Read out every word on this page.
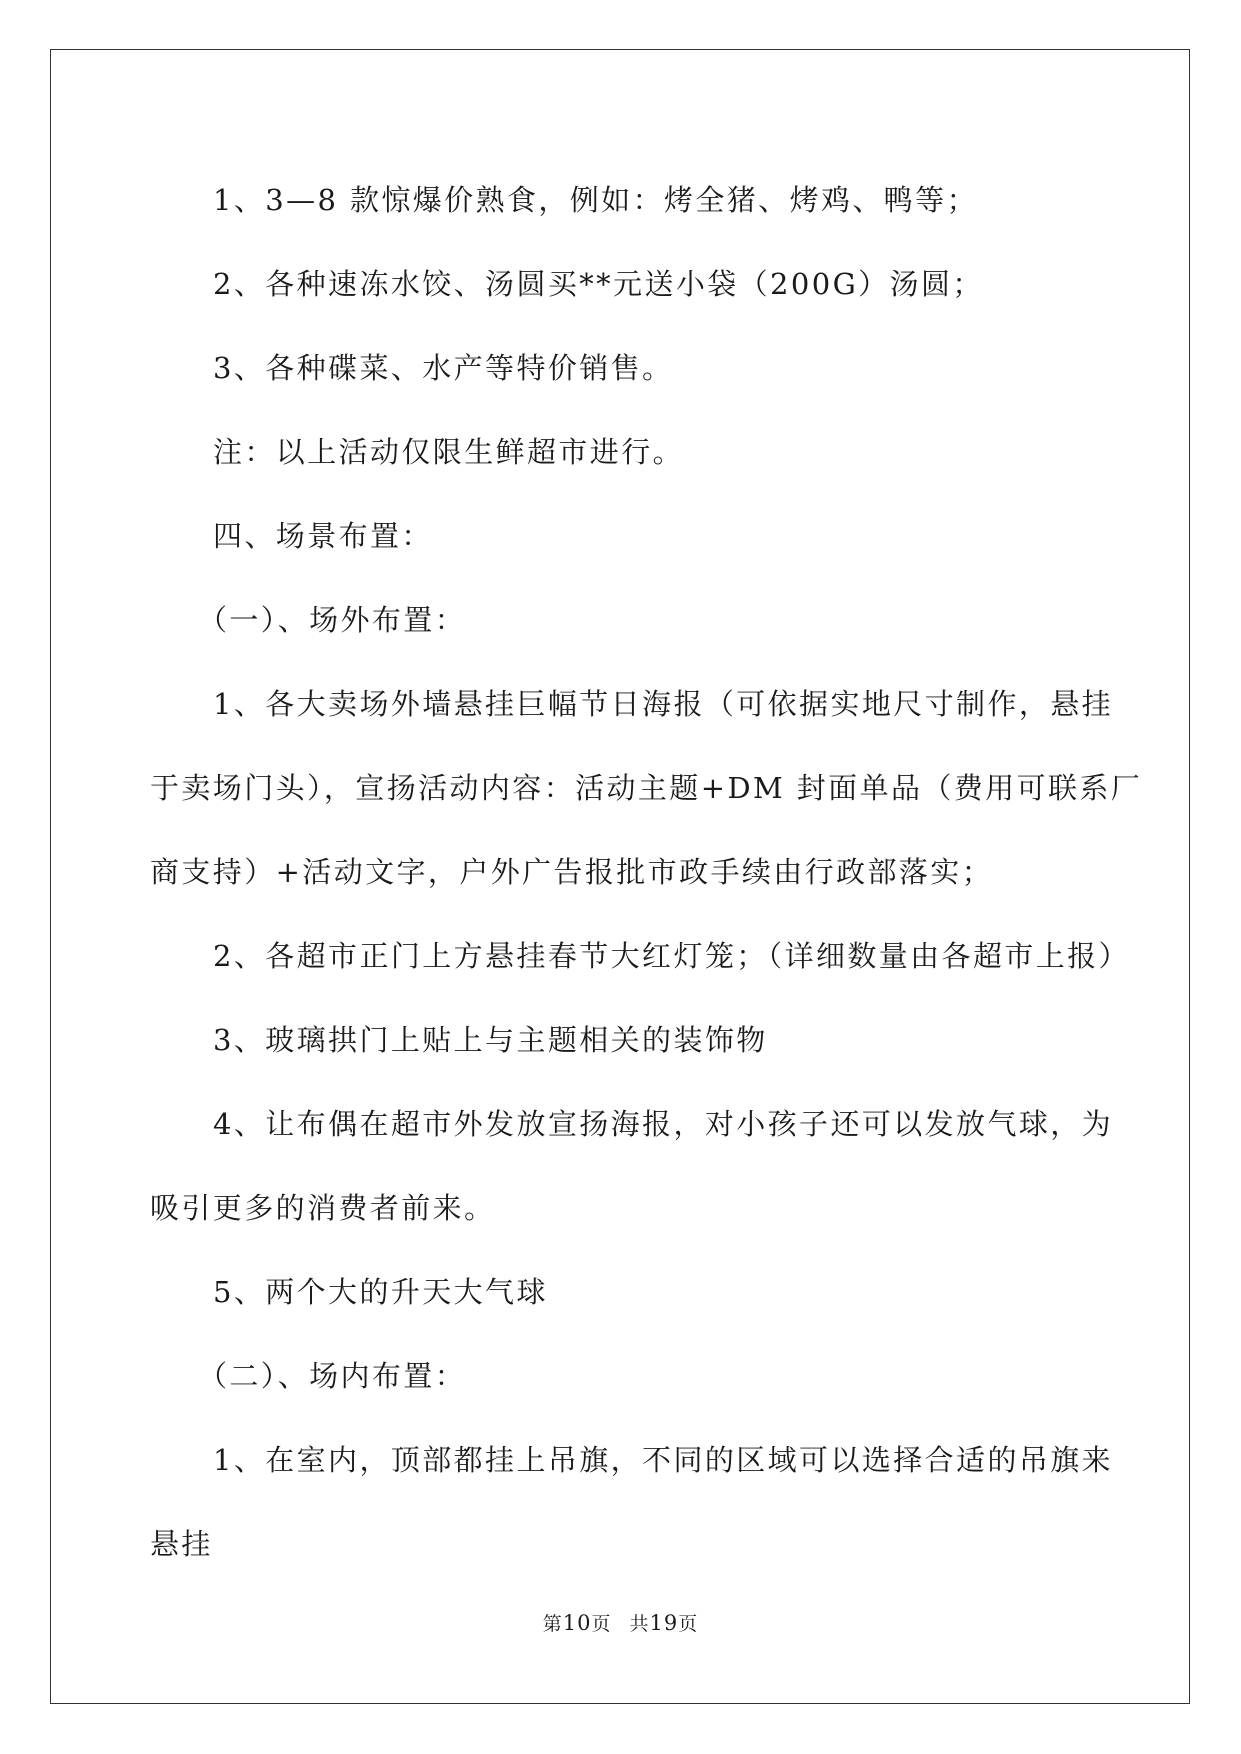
1、3—8 款惊爆价熟食，例如：烤全猪、烤鸡、鸭等；

2、各种速冻水饺、汤圆买**元送小袋（200G）汤圆；

3、各种碟菜、水产等特价销售。

注：以上活动仅限生鲜超市进行。

四、场景布置：

（一）、场外布置：

1、各大卖场外墙悬挂巨幅节日海报（可依据实地尺寸制作，悬挂

于卖场门头），宣扬活动内容：活动主题+DM 封面单品（费用可联系厂

商支持）+活动文字，户外广告报批市政手续由行政部落实；

2、各超市正门上方悬挂春节大红灯笼；（详细数量由各超市上报）

3、玻璃拱门上贴上与主题相关的装饰物

4、让布偶在超市外发放宣扬海报，对小孩子还可以发放气球，为

吸引更多的消费者前来。

5、两个大的升天大气球

（二）、场内布置：

1、在室内，顶部都挂上吊旗，不同的区域可以选择合适的吊旗来

悬挂

第10页 共19页
